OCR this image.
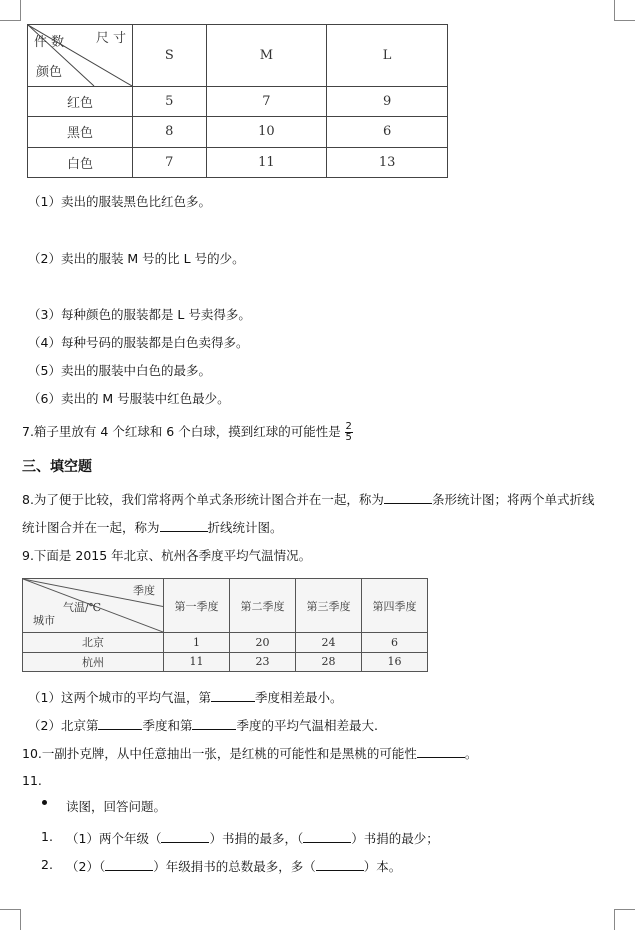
尺 寸
件 数
颜色	S	M	L
红色	5	7	9
黑色	8	10	6
白色	7	11	13
（1）卖出的服装黑色比红色多。
（2）卖出的服装 M 号的比 L 号的少。
（3）每种颜色的服装都是 L 号卖得多。
（4）每种号码的服装都是白色卖得多。
（5）卖出的服装中白色的最多。
（6）卖出的 M 号服装中红色最少。
7.箱子里放有 4 个红球和 6 个白球，摸到红球的可能性是 $\frac{2}{5}$
三、填空题
8.为了便于比较，我们常将两个单式条形统计图合并在一起，称为	条形统计图；将两个单式折线
统计图合并在一起，称为	折线统计图。
9.下面是 2015 年北京、杭州各季度平均气温情况。
季度
气温/℃
城市	第一季度	第二季度	第三季度	第四季度
北京	1	20	24	6
杭州	11	23	28	16
（1）这两个城市的平均气温，第	季度相差最小。
（2）北京第	季度和第	季度的平均气温相差最大.
10.一副扑克牌，从中任意抽出一张，是红桃的可能性和是黑桃的可能性	。
11.
读图，回答问题。
1. （1）两个年级（	）书捐的最多，（	）书捐的最少；
2. （2）（	）年级捐书的总数最多，多（	）本。
